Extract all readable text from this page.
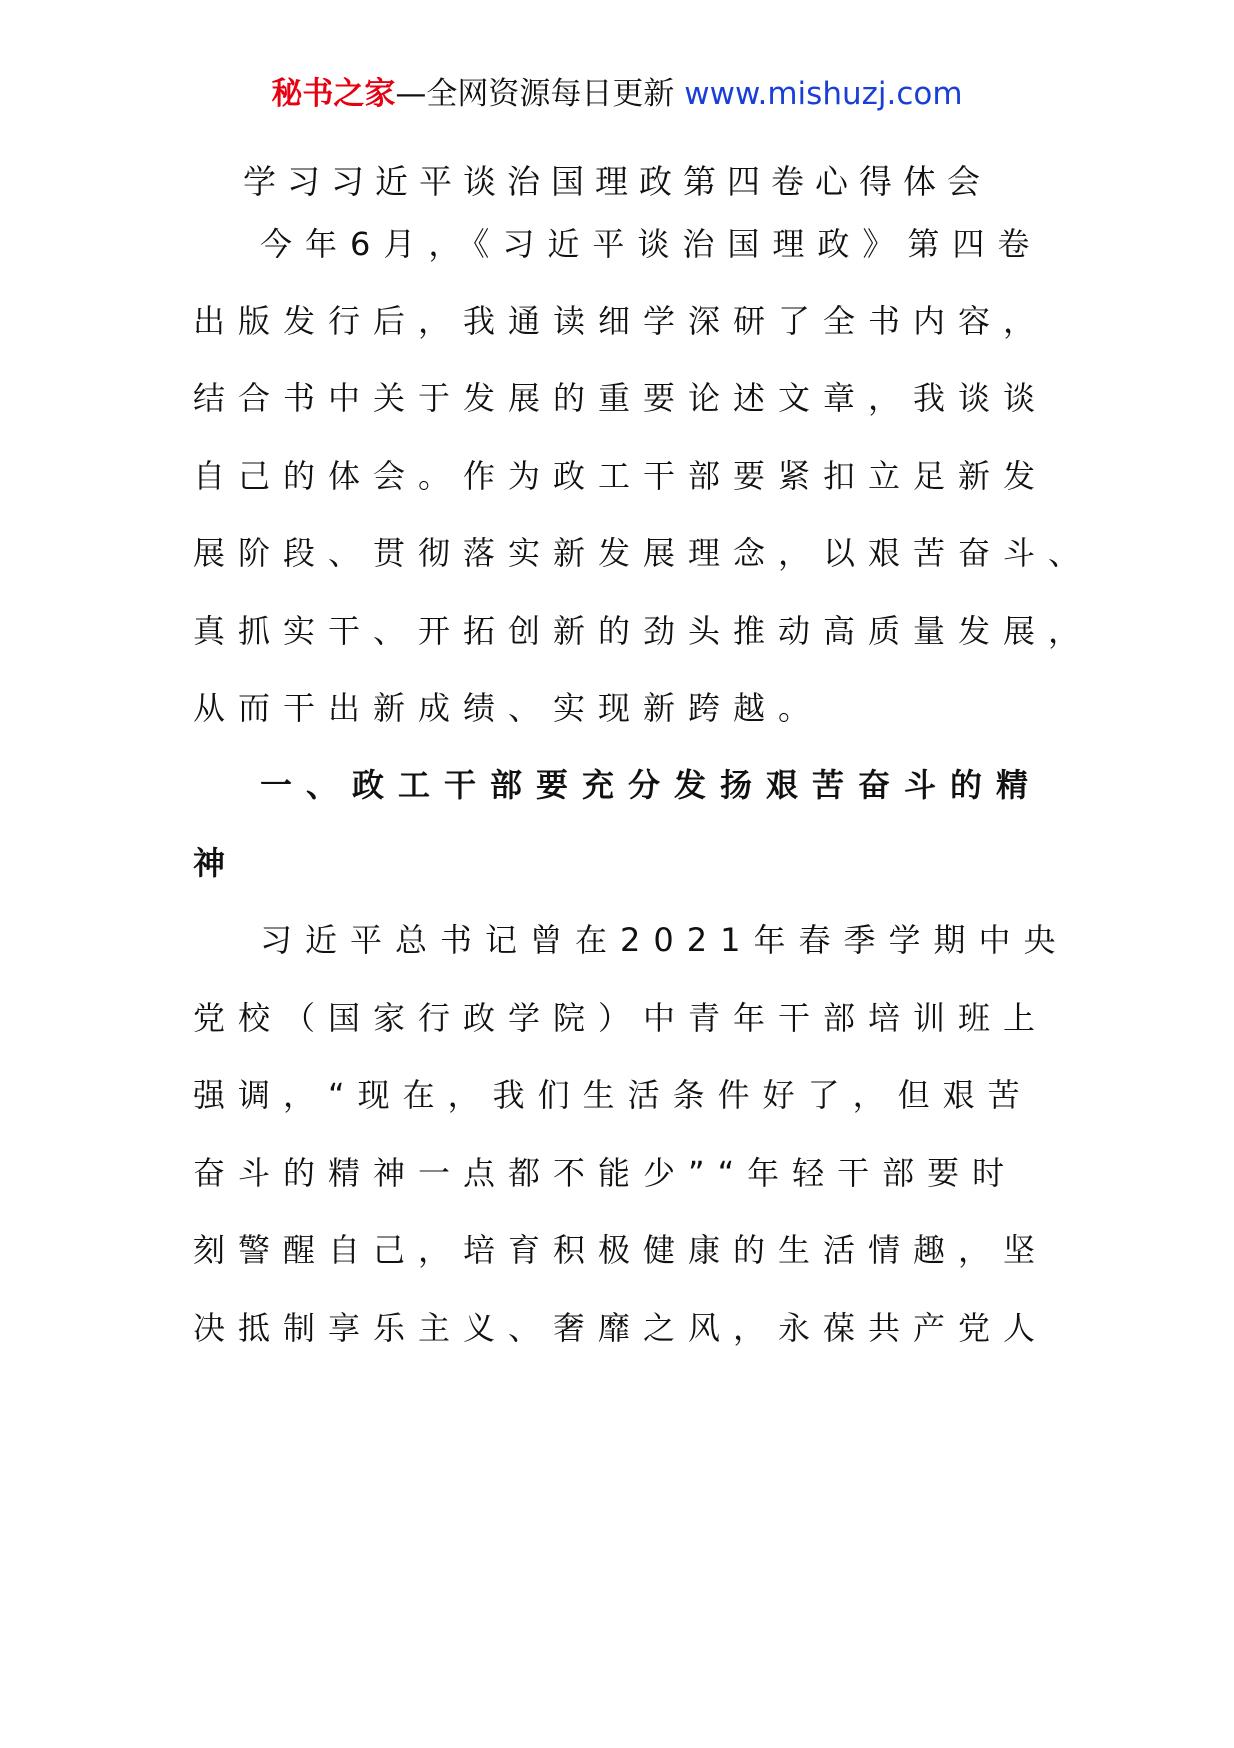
秘书之家—全网资源每日更新 www.mishuzj.com
学习习近平谈治国理政第四卷心得体会
今年6月，《习近平谈治国理政》第四卷
出版发行后，我通读细学深研了全书内容，
结合书中关于发展的重要论述文章，我谈谈
自己的体会。作为政工干部要紧扣立足新发
展阶段、贯彻落实新发展理念，以艰苦奋斗、
真抓实干、开拓创新的劲头推动高质量发展，
从而干出新成绩、实现新跨越。
一、政工干部要充分发扬艰苦奋斗的精
神
习近平总书记曾在2021年春季学期中央
党校（国家行政学院）中青年干部培训班上
强调，“现在，我们生活条件好了，但艰苦
奋斗的精神一点都不能少”“年轻干部要时
刻警醒自己，培育积极健康的生活情趣，坚
决抵制享乐主义、奢靡之风，永葆共产党人
